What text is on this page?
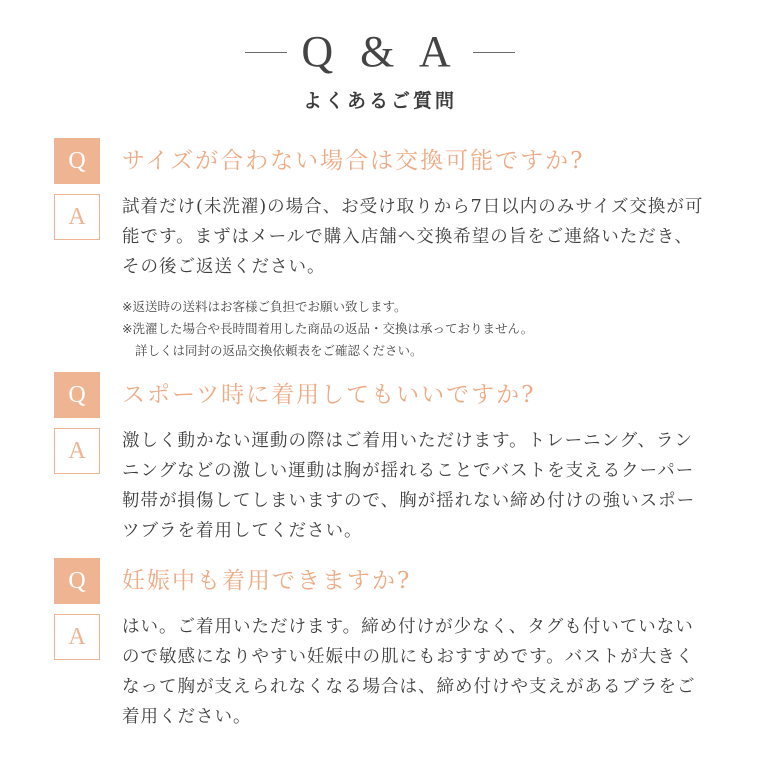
Q & A
よくあるご質問
Q	サイズが合わない場合は交換可能ですか?
A	試着だけ(未洗濯)の場合、お受け取りから7日以内のみサイズ交換が可能です。まずはメールで購入店舗へ交換希望の旨をご連絡いただき、その後ご返送ください。
※返送時の送料はお客様ご負担でお願い致します。
※洗濯した場合や長時間着用した商品の返品・交換は承っておりません。
詳しくは同封の返品交換依頼表をご確認ください。
Q	スポーツ時に着用してもいいですか?
A	激しく動かない運動の際はご着用いただけます。トレーニング、ランニングなどの激しい運動は胸が揺れることでバストを支えるクーパー靭帯が損傷してしまいますので、胸が揺れない締め付けの強いスポーツブラを着用してください。
Q	妊娠中も着用できますか?
A	はい。ご着用いただけます。締め付けが少なく、タグも付いていないので敏感になりやすい妊娠中の肌にもおすすめです。バストが大きくなって胸が支えられなくなる場合は、締め付けや支えがあるブラをご着用ください。
